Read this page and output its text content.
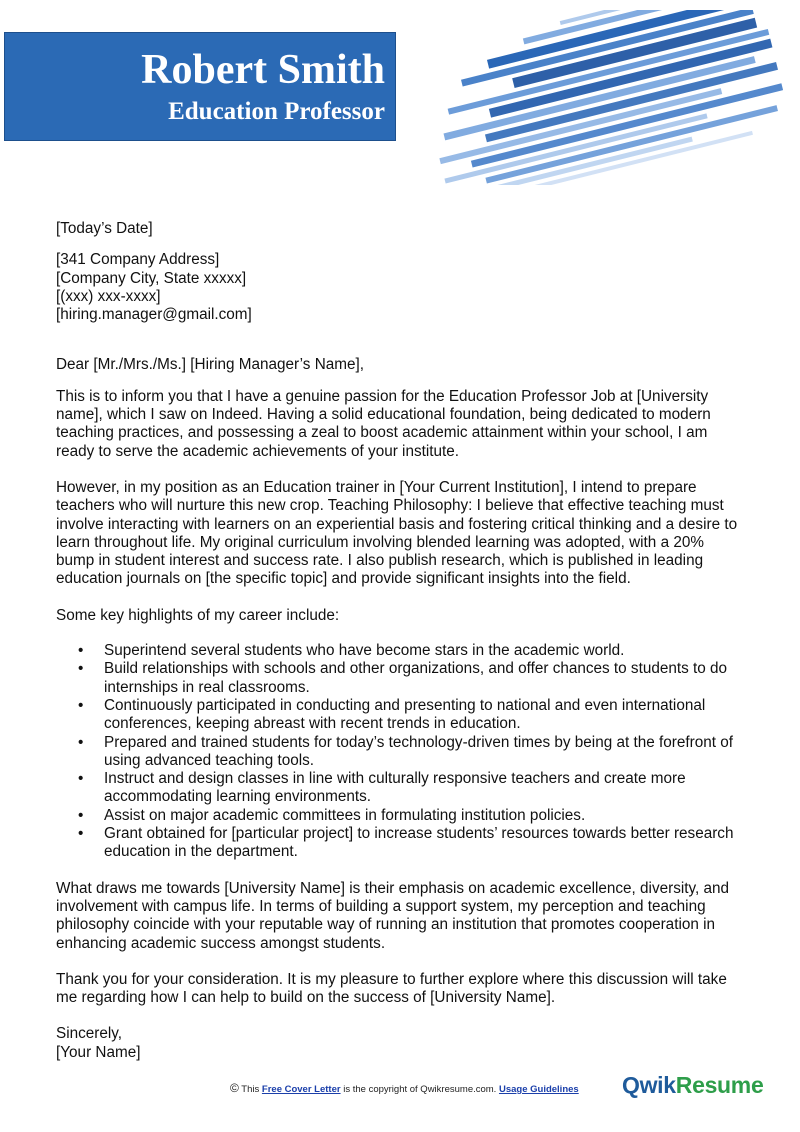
Robert Smith
Education Professor

[Today’s Date]

[341 Company Address]

[Company City, State xxxxx]

[(xxx) xxx-xxxx]

[hiring.manager@gmail.com]

Dear [Mr./Mrs./Ms.] [Hiring Manager’s Name],

This is to inform you that I have a genuine passion for the Education Professor Job at [University

name], which I saw on Indeed. Having a solid educational foundation, being dedicated to modern

teaching practices, and possessing a zeal to boost academic attainment within your school, I am

ready to serve the academic achievements of your institute.

However, in my position as an Education trainer in [Your Current Institution], I intend to prepare

teachers who will nurture this new crop. Teaching Philosophy: I believe that effective teaching must

involve interacting with learners on an experiential basis and fostering critical thinking and a desire to

learn throughout life. My original curriculum involving blended learning was adopted, with a 20%

bump in student interest and success rate. I also publish research, which is published in leading

education journals on [the specific topic] and provide significant insights into the field.

Some key highlights of my career include:

• Superintend several students who have become stars in the academic world.

• Build relationships with schools and other organizations, and offer chances to students to do

internships in real classrooms.

• Continuously participated in conducting and presenting to national and even international

conferences, keeping abreast with recent trends in education.

• Prepared and trained students for today’s technology-driven times by being at the forefront of

using advanced teaching tools.

• Instruct and design classes in line with culturally responsive teachers and create more

accommodating learning environments.

• Assist on major academic committees in formulating institution policies.

• Grant obtained for [particular project] to increase students’ resources towards better research

education in the department.

What draws me towards [University Name] is their emphasis on academic excellence, diversity, and

involvement with campus life. In terms of building a support system, my perception and teaching

philosophy coincide with your reputable way of running an institution that promotes cooperation in

enhancing academic success amongst students.

Thank you for your consideration. It is my pleasure to further explore where this discussion will take

me regarding how I can help to build on the success of [University Name].

Sincerely,

[Your Name]

© This Free Cover Letter is the copyright of Qwikresume.com. Usage Guidelines QwikResume
